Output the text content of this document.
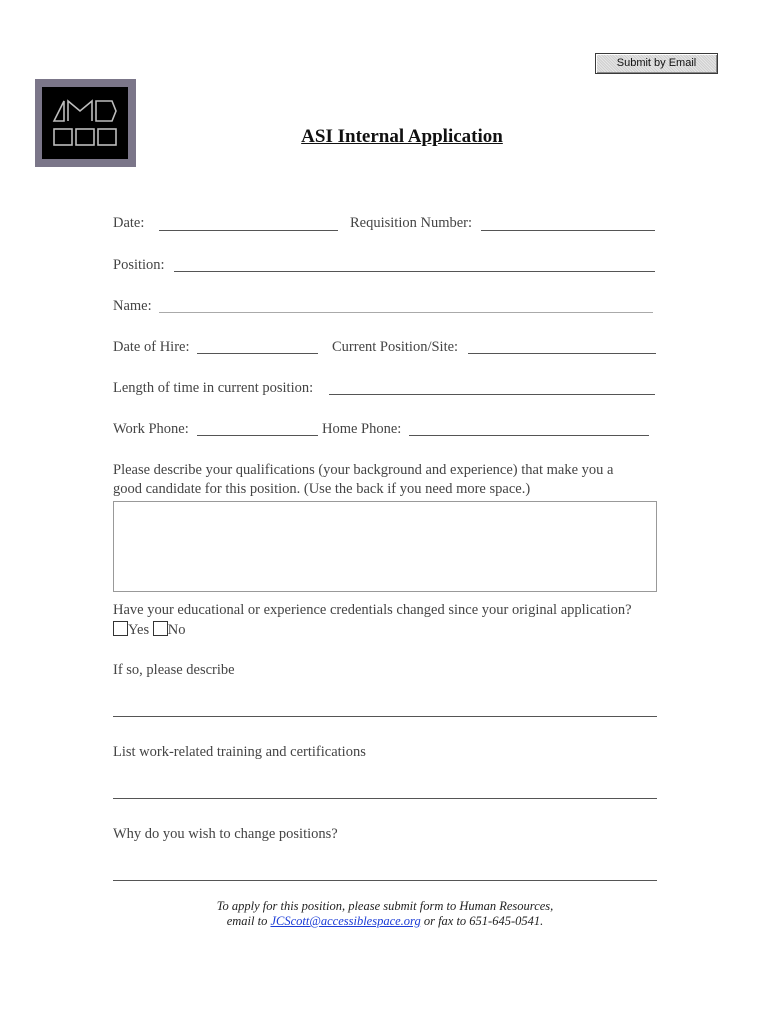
Submit by Email
ASI Internal Application
Date:	Requisition Number:
Position:
Name:
Date of Hire:	Current Position/Site:
Length of time in current position:
Work Phone:	Home Phone:
Please describe your qualifications (your background and experience) that make you a
good candidate for this position. (Use the back if you need more space.)
Have your educational or experience credentials changed since your original application?
Yes No
If so, please describe
List work-related training and certifications
Why do you wish to change positions?
To apply for this position, please submit form to Human Resources,
email to JCScott@accessiblespace.org or fax to 651-645-0541.
